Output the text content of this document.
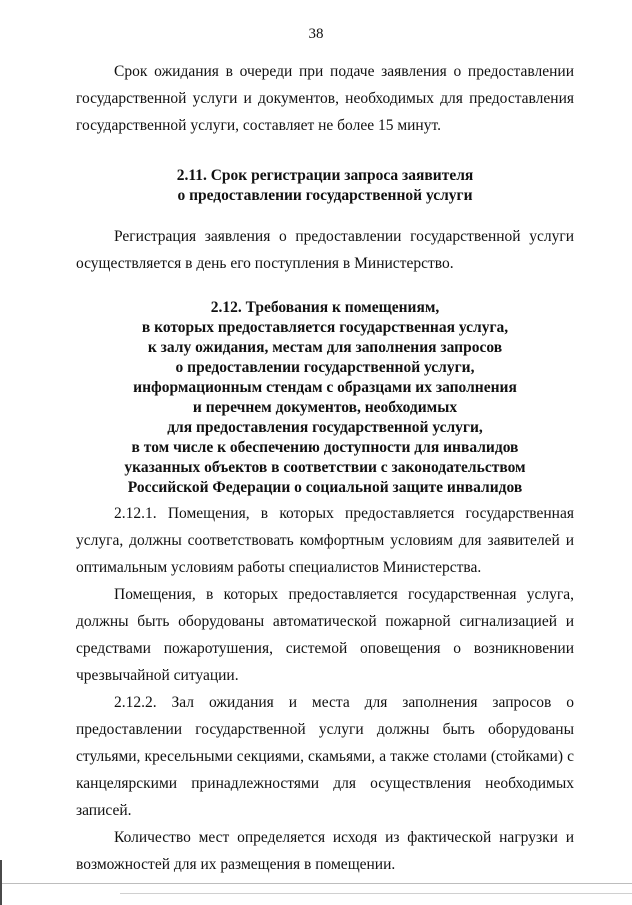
38

Срок ожидания в очереди при подаче заявления о предоставлении государственной услуги и документов, необходимых для предоставления государственной услуги, составляет не более 15 минут.

2.11. Срок регистрации запроса заявителя
о предоставлении государственной услуги

Регистрация заявления о предоставлении государственной услуги осуществляется в день его поступления в Министерство.

2.12. Требования к помещениям,
в которых предоставляется государственная услуга,
к залу ожидания, местам для заполнения запросов
о предоставлении государственной услуги,
информационным стендам с образцами их заполнения
и перечнем документов, необходимых
для предоставления государственной услуги,
в том числе к обеспечению доступности для инвалидов
указанных объектов в соответствии с законодательством
Российской Федерации о социальной защите инвалидов

2.12.1. Помещения, в которых предоставляется государственная услуга, должны соответствовать комфортным условиям для заявителей и оптимальным условиям работы специалистов Министерства.

Помещения, в которых предоставляется государственная услуга, должны быть оборудованы автоматической пожарной сигнализацией и средствами пожаротушения, системой оповещения о возникновении чрезвычайной ситуации.

2.12.2. Зал ожидания и места для заполнения запросов о предоставлении государственной услуги должны быть оборудованы стульями, кресельными секциями, скамьями, а также столами (стойками) с канцелярскими принадлежностями для осуществления необходимых записей.

Количество мест определяется исходя из фактической нагрузки и возможностей для их размещения в помещении.
